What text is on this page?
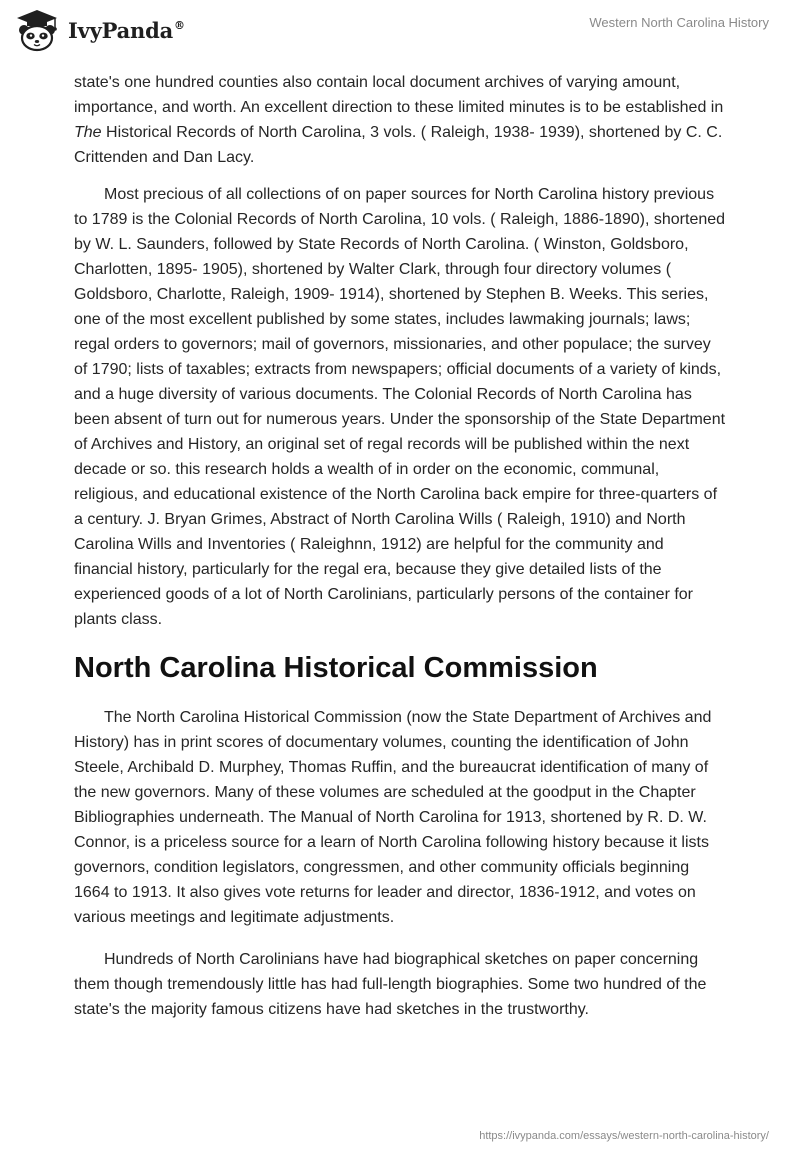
IvyPanda®	Western North Carolina History

state's one hundred counties also contain local document archives of varying amount, importance, and worth. An excellent direction to these limited minutes is to be established in The Historical Records of North Carolina, 3 vols. ( Raleigh, 1938- 1939), shortened by C. C. Crittenden and Dan Lacy.

Most precious of all collections of on paper sources for North Carolina history previous to 1789 is the Colonial Records of North Carolina, 10 vols. ( Raleigh, 1886-1890), shortened by W. L. Saunders, followed by State Records of North Carolina. ( Winston, Goldsboro, Charlotten, 1895- 1905), shortened by Walter Clark, through four directory volumes ( Goldsboro, Charlotte, Raleigh, 1909- 1914), shortened by Stephen B. Weeks. This series, one of the most excellent published by some states, includes lawmaking journals; laws; regal orders to governors; mail of governors, missionaries, and other populace; the survey of 1790; lists of taxables; extracts from newspapers; official documents of a variety of kinds, and a huge diversity of various documents. The Colonial Records of North Carolina has been absent of turn out for numerous years. Under the sponsorship of the State Department of Archives and History, an original set of regal records will be published within the next decade or so. this research holds a wealth of in order on the economic, communal, religious, and educational existence of the North Carolina back empire for three-quarters of a century. J. Bryan Grimes, Abstract of North Carolina Wills ( Raleigh, 1910) and North Carolina Wills and Inventories ( Raleighnn, 1912) are helpful for the community and financial history, particularly for the regal era, because they give detailed lists of the experienced goods of a lot of North Carolinians, particularly persons of the container for plants class.

North Carolina Historical Commission

The North Carolina Historical Commission (now the State Department of Archives and History) has in print scores of documentary volumes, counting the identification of John Steele, Archibald D. Murphey, Thomas Ruffin, and the bureaucrat identification of many of the new governors. Many of these volumes are scheduled at the goodput in the Chapter Bibliographies underneath. The Manual of North Carolina for 1913, shortened by R. D. W. Connor, is a priceless source for a learn of North Carolina following history because it lists governors, condition legislators, congressmen, and other community officials beginning 1664 to 1913. It also gives vote returns for leader and director, 1836-1912, and votes on various meetings and legitimate adjustments.

Hundreds of North Carolinians have had biographical sketches on paper concerning them though tremendously little has had full-length biographies. Some two hundred of the state's the majority famous citizens have had sketches in the trustworthy.

https://ivypanda.com/essays/western-north-carolina-history/
